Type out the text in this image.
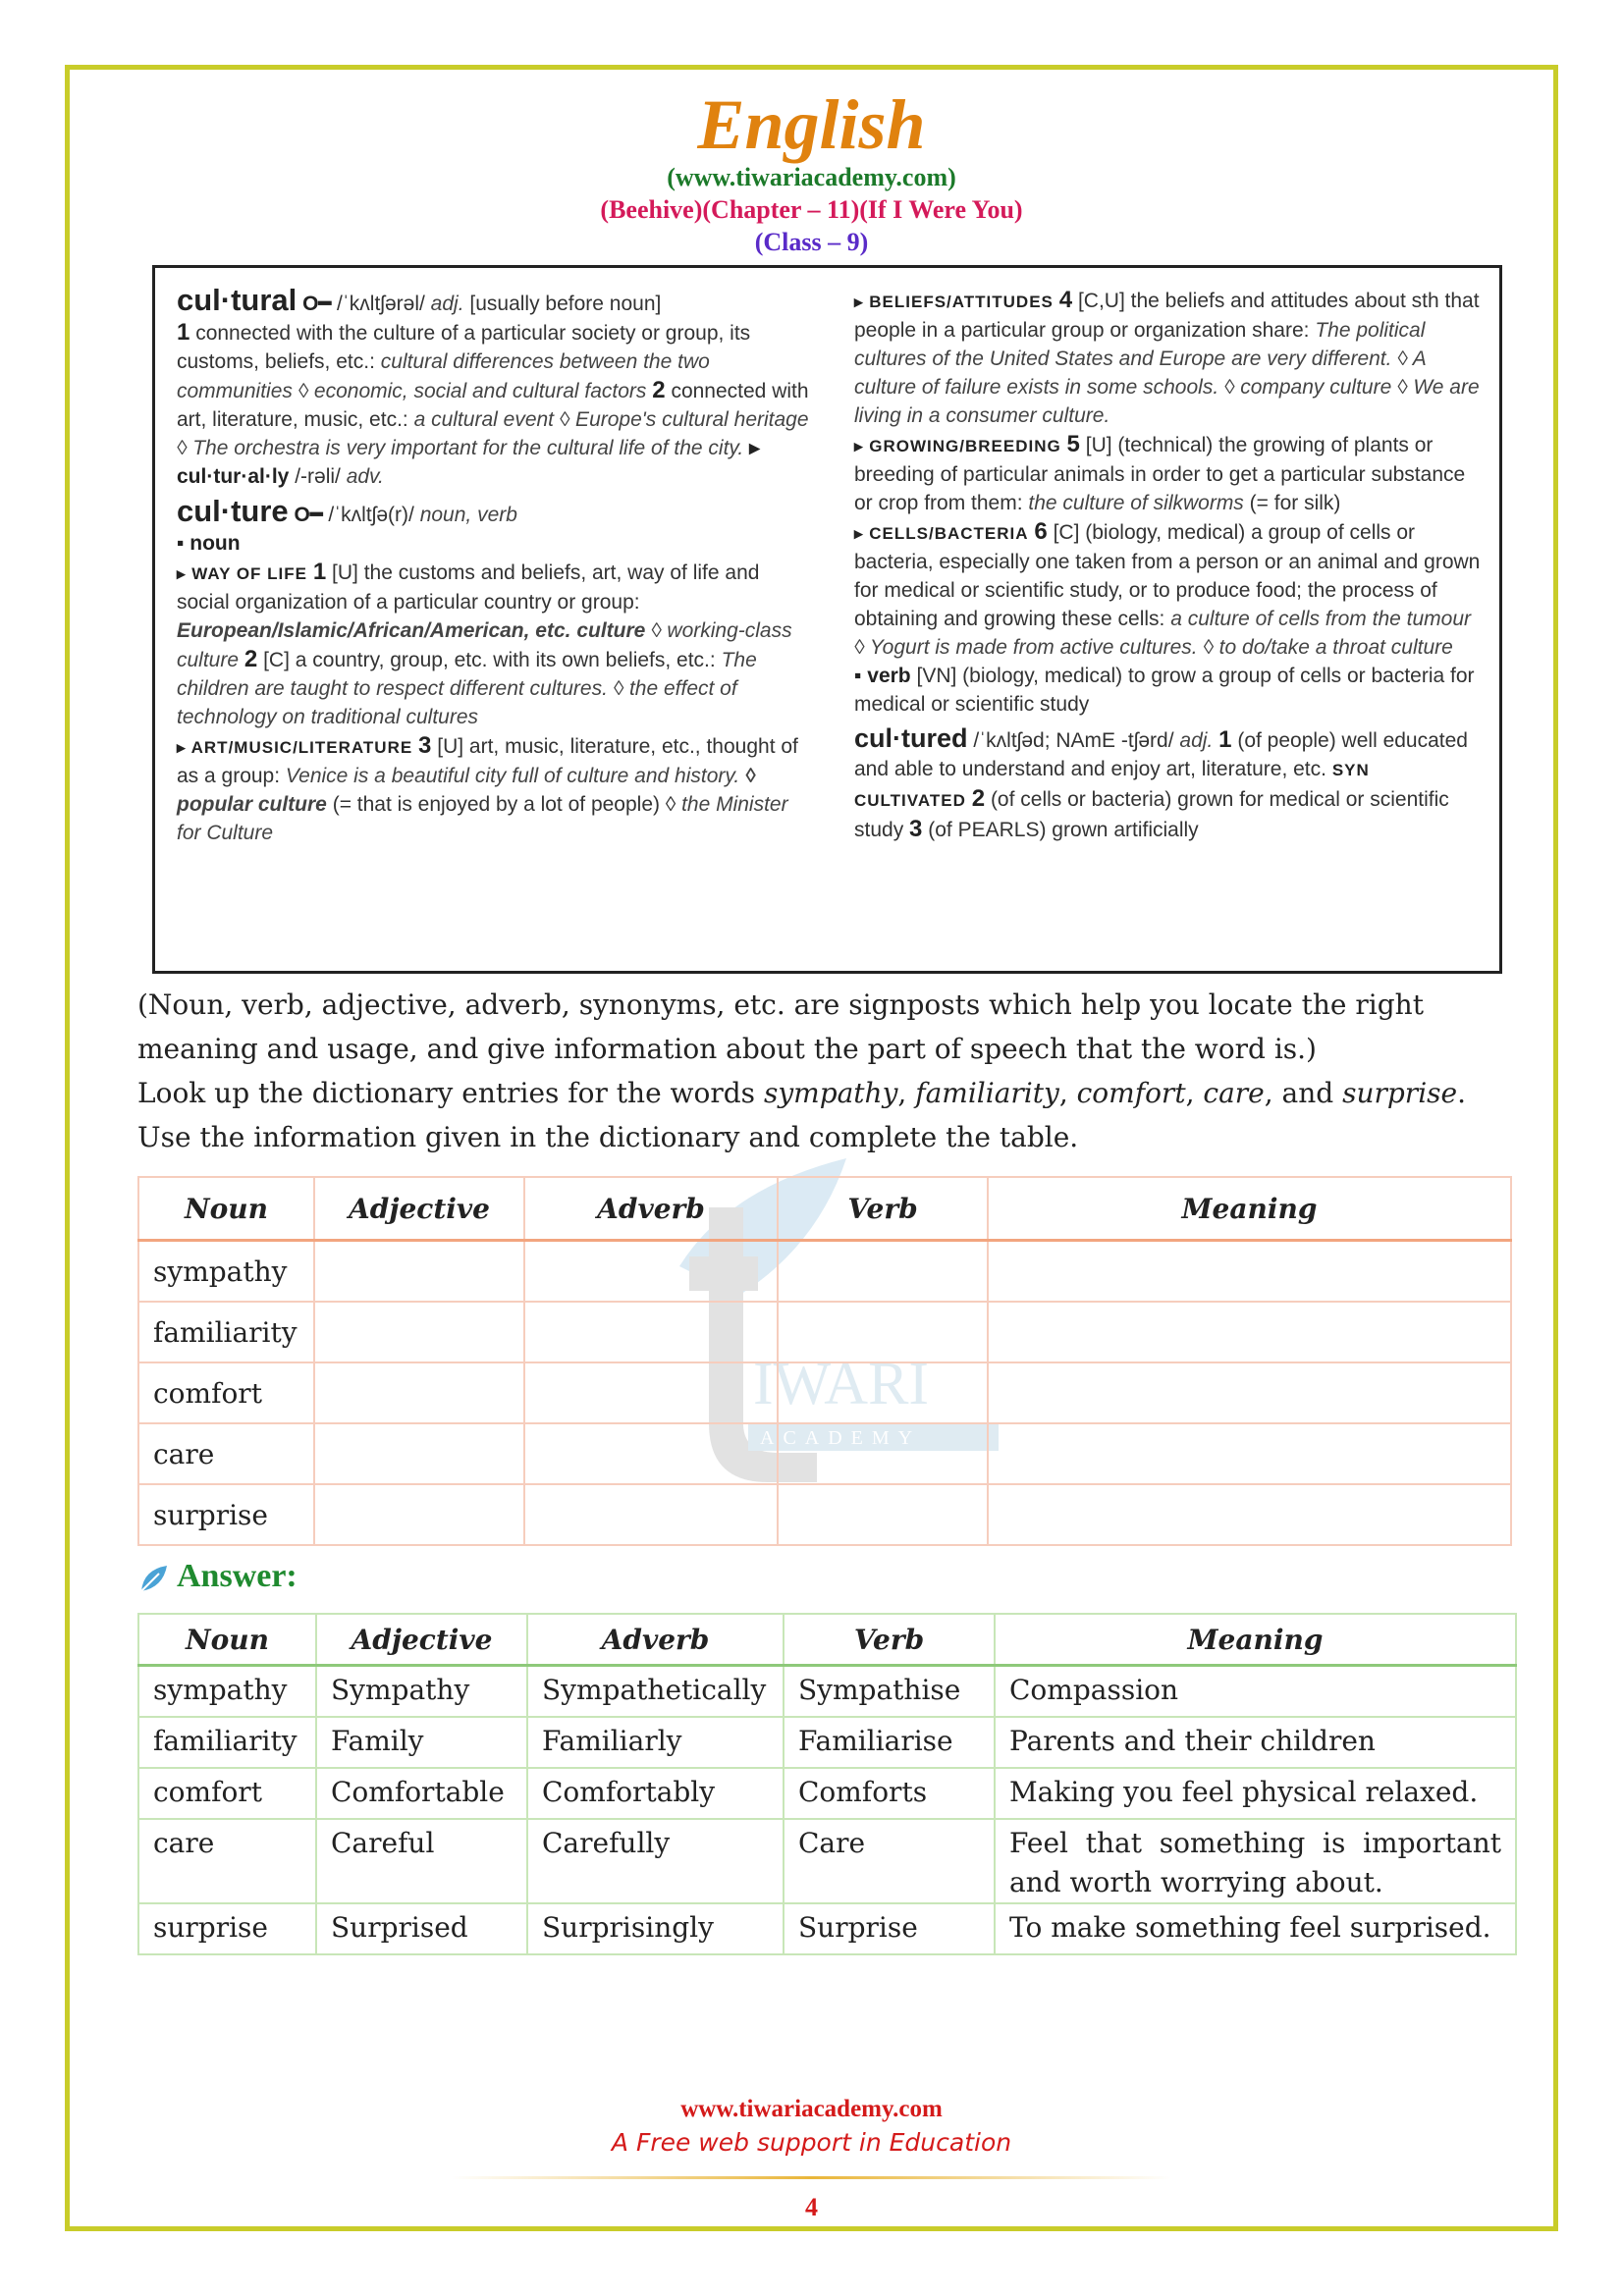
English
(www.tiwariacademy.com)
(Beehive)(Chapter – 11)(If I Were You)
(Class – 9)

cul·tural O━ /ˈkʌltʃərəl/ adj. [usually before noun]

1 connected with the culture of a particular society or group, its customs, beliefs, etc.: cultural differences between the two communities ◊ economic, social and cultural factors 2 connected with art, literature, music, etc.: a cultural event ◊ Europe's cultural heritage ◊ The orchestra is very important for the cultural life of the city. ▸ cul·tur·al·ly /-rəli/ adv.

cul·ture O━ /ˈkʌltʃə(r)/ noun, verb

▪ noun

▸ WAY OF LIFE 1 [U] the customs and beliefs, art, way of life and social organization of a particular country or group: European/Islamic/African/American, etc. culture ◊ working-class culture 2 [C] a country, group, etc. with its own beliefs, etc.: The children are taught to respect different cultures. ◊ the effect of technology on traditional cultures

▸ ART/MUSIC/LITERATURE 3 [U] art, music, literature, etc., thought of as a group: Venice is a beautiful city full of culture and history. ◊ popular culture (= that is enjoyed by a lot of people) ◊ the Minister for Culture

▸ BELIEFS/ATTITUDES 4 [C,U] the beliefs and attitudes about sth that people in a particular group or organization share: The political cultures of the United States and Europe are very different. ◊ A culture of failure exists in some schools. ◊ company culture ◊ We are living in a consumer culture.

▸ GROWING/BREEDING 5 [U] (technical) the growing of plants or breeding of particular animals in order to get a particular substance or crop from them: the culture of silkworms (= for silk)

▸ CELLS/BACTERIA 6 [C] (biology, medical) a group of cells or bacteria, especially one taken from a person or an animal and grown for medical or scientific study, or to produce food; the process of obtaining and growing these cells: a culture of cells from the tumour ◊ Yogurt is made from active cultures. ◊ to do/take a throat culture

▪ verb [VN] (biology, medical) to grow a group of cells or bacteria for medical or scientific study

cul·tured /ˈkʌltʃəd; NAmE -tʃərd/ adj. 1 (of people) well educated and able to understand and enjoy art, literature, etc. SYN CULTIVATED 2 (of cells or bacteria) grown for medical or scientific study 3 (of PEARLS) grown artificially

(Noun, verb, adjective, adverb, synonyms, etc. are signposts which help you locate the right meaning and usage, and give information about the part of speech that the word is.)
Look up the dictionary entries for the words sympathy, familiarity, comfort, care, and surprise. Use the information given in the dictionary and complete the table.
IWARI
ACADEMY
Noun	Adjective	Adverb	Verb	Meaning
sympathy				
familiarity				
comfort				
care				
surprise				
Answer:
Noun	Adjective	Adverb	Verb	Meaning
sympathy	Sympathy	Sympathetically	Sympathise	Compassion
familiarity	Family	Familiarly	Familiarise	Parents and their children
comfort	Comfortable	Comfortably	Comforts	Making you feel physical relaxed.
care	Careful	Carefully	Care	Feel that something is important and worth worrying about.
surprise	Surprised	Surprisingly	Surprise	To make something feel surprised.
www.tiwariacademy.com
A Free web support in Education
4
